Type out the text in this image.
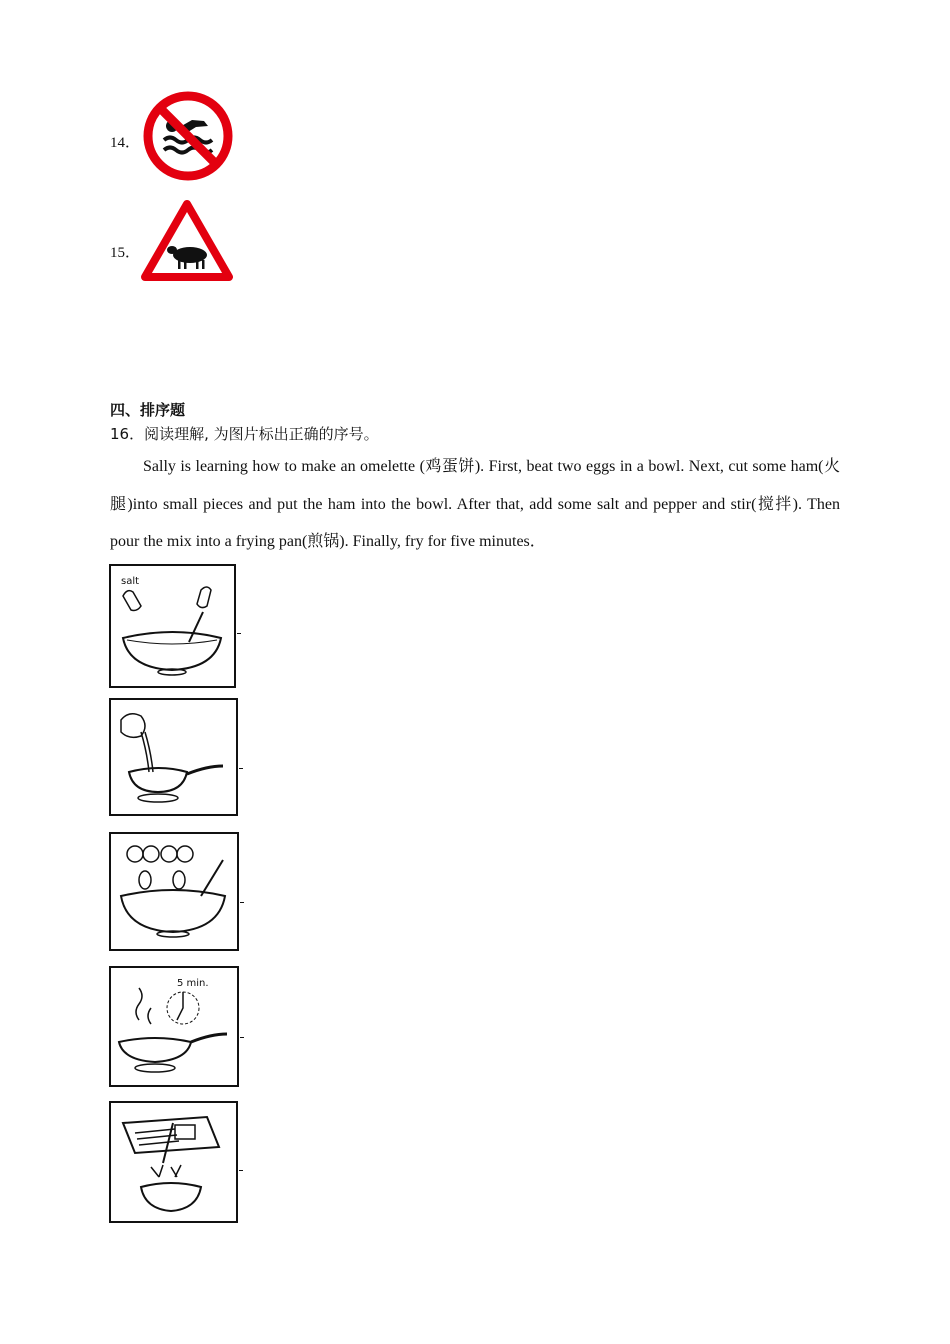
14．
15．
四、排序题
16．阅读理解, 为图片标出正确的序号。
Sally is learning how to make an omelette (鸡蛋饼). First, beat two eggs in a bowl. Next, cut some ham(火腿)into small pieces and put the ham into the bowl. After that, add some salt and pepper and stir(搅拌). Then pour the mix into a frying pan(煎锅). Finally, fry for five minutes．
salt
5 min.
